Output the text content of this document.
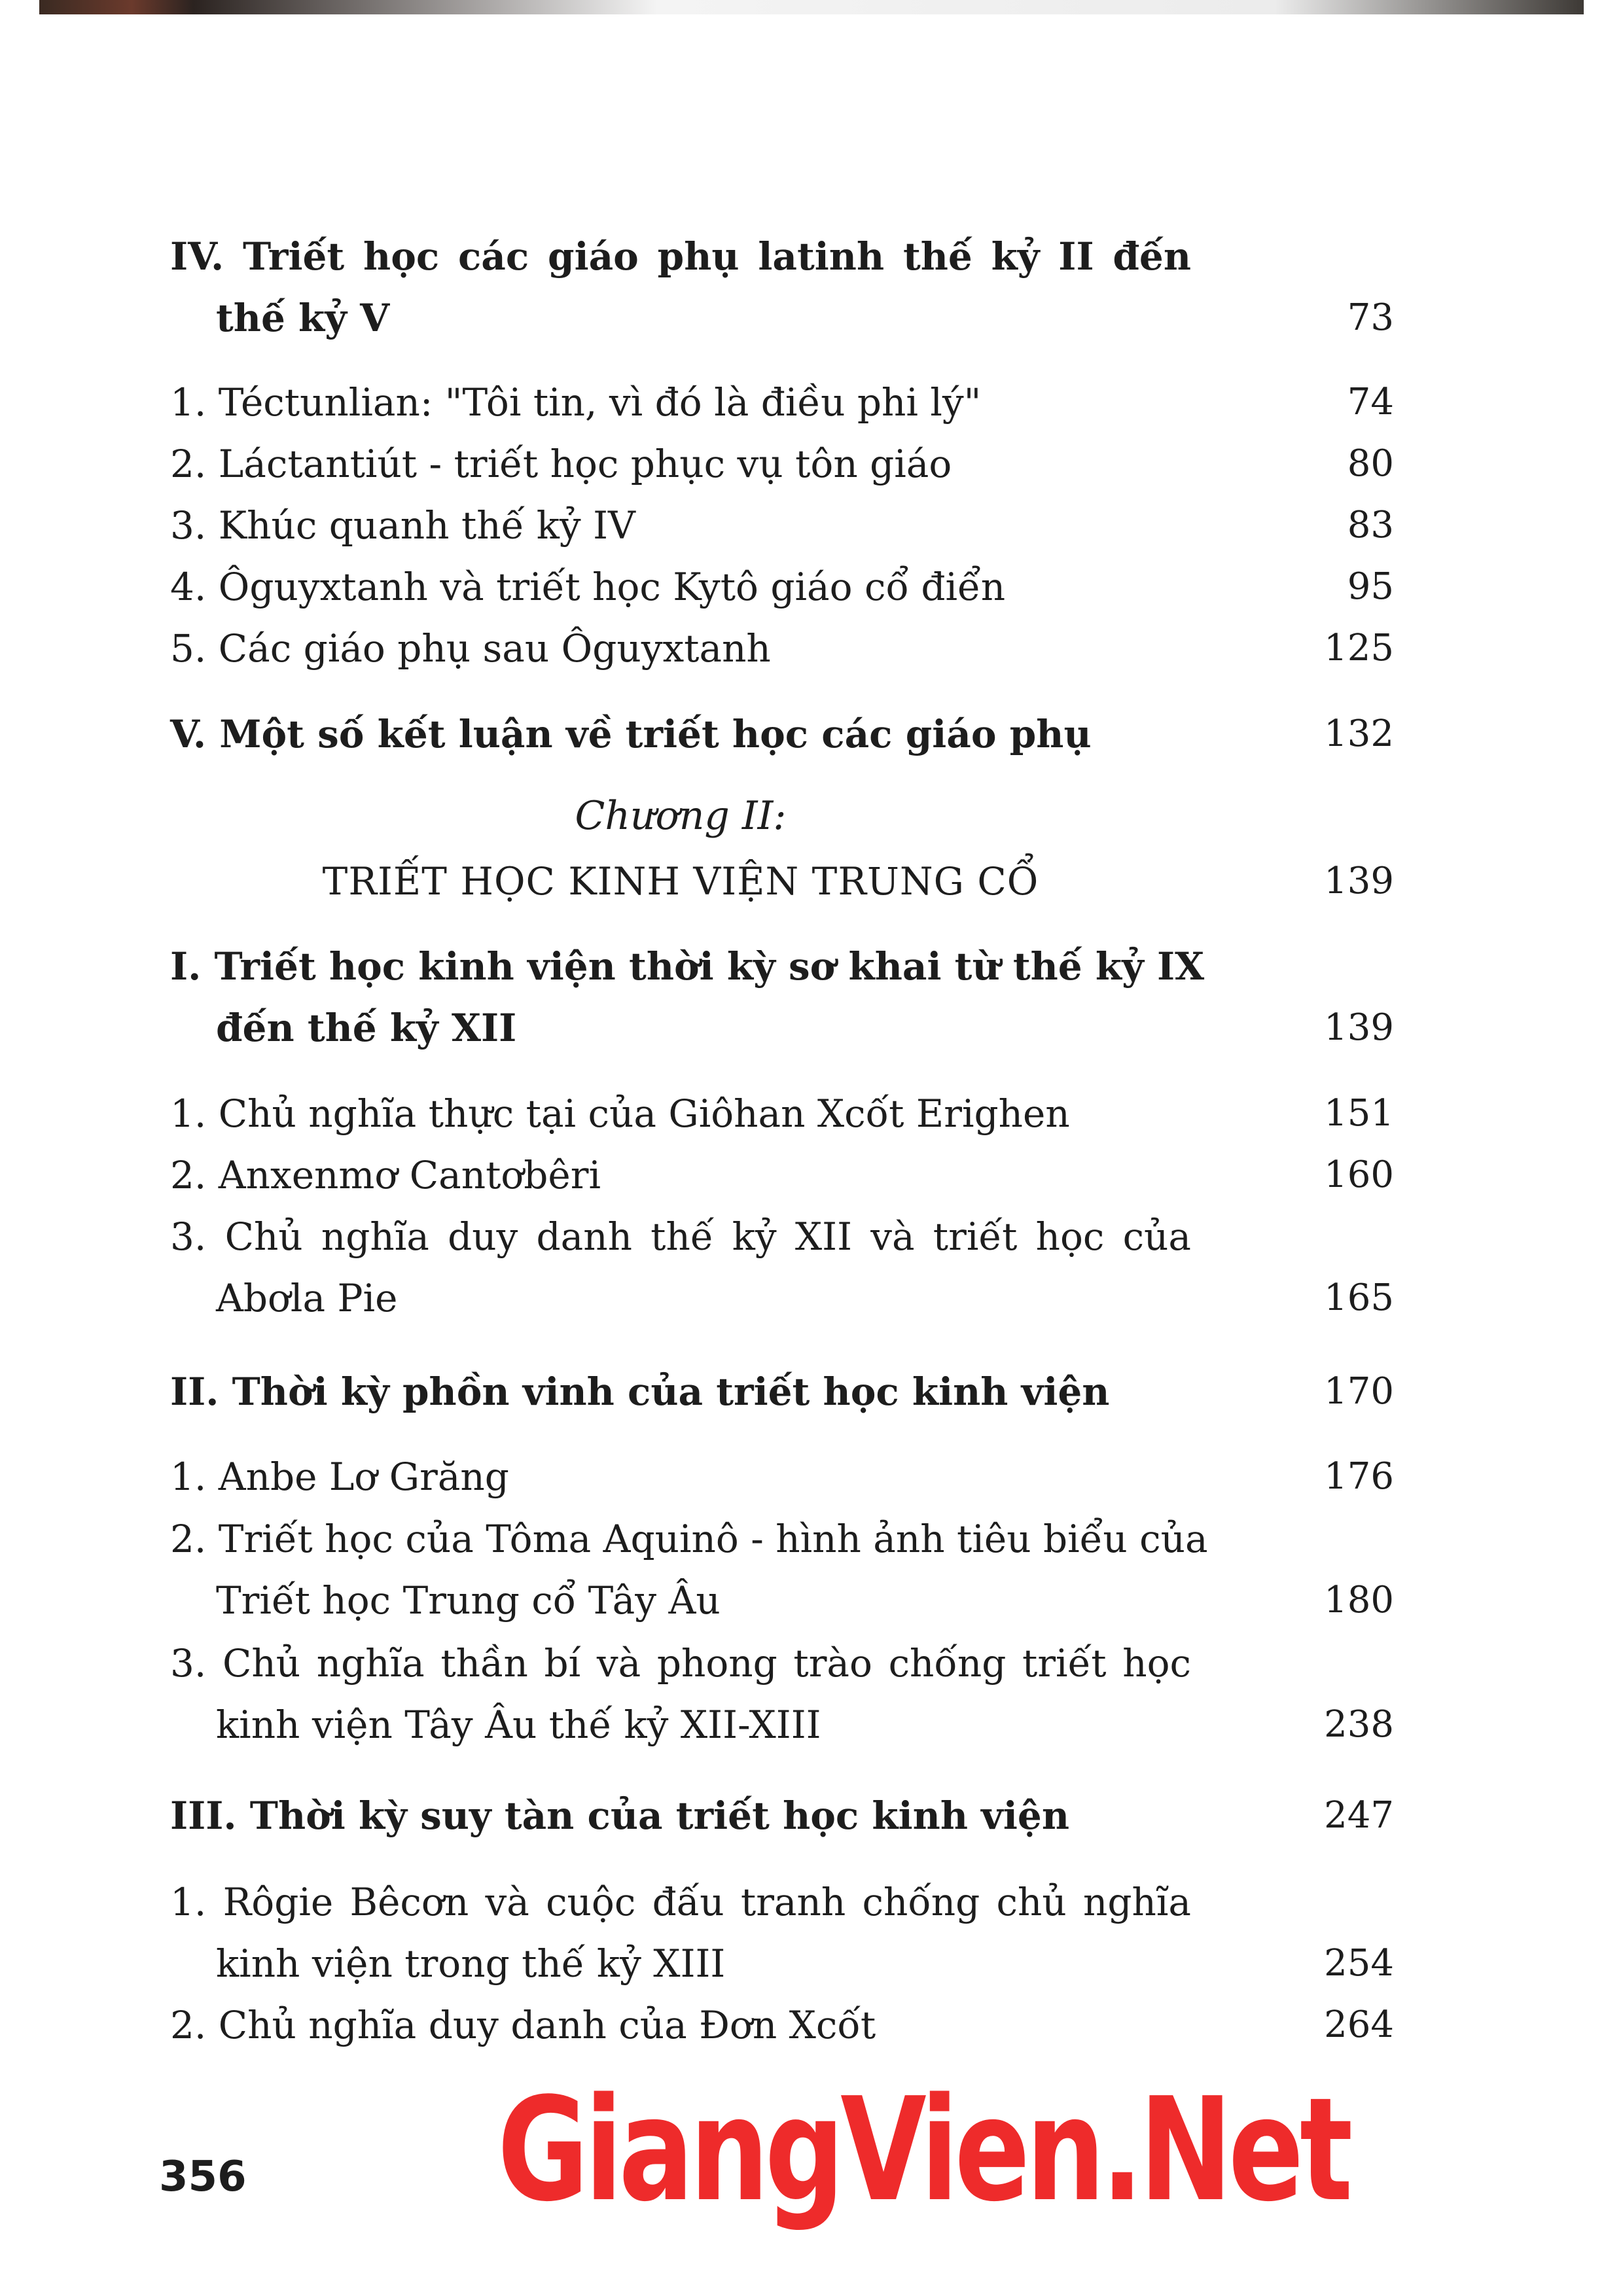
IV. Triết học các giáo phụ latinh thế kỷ II đến
thế kỷ V	73
1. Téctunlian: "Tôi tin, vì đó là điều phi lý"	74
2. Láctantiút - triết học phục vụ tôn giáo	80
3. Khúc quanh thế kỷ IV	83
4. Ôguyxtanh và triết học Kytô giáo cổ điển	95
5. Các giáo phụ sau Ôguyxtanh	125
V. Một số kết luận về triết học các giáo phụ	132
Chương II:
TRIẾT HỌC KINH VIỆN TRUNG CỔ	139
I. Triết học kinh viện thời kỳ sơ khai từ thế kỷ IX
đến thế kỷ XII	139
1. Chủ nghĩa thực tại của Giôhan Xcốt Erighen	151
2. Anxenmơ Cantơbêri	160
3. Chủ nghĩa duy danh thế kỷ XII và triết học của
Abơla Pie	165
II. Thời kỳ phồn vinh của triết học kinh viện	170
1. Anbe Lơ Grăng	176
2. Triết học của Tôma Aquinô - hình ảnh tiêu biểu của
Triết học Trung cổ Tây Âu	180
3. Chủ nghĩa thần bí và phong trào chống triết học
kinh viện Tây Âu thế kỷ XII-XIII	238
III. Thời kỳ suy tàn của triết học kinh viện	247
1. Rôgie Bêcơn và cuộc đấu tranh chống chủ nghĩa
kinh viện trong thế kỷ XIII	254
2. Chủ nghĩa duy danh của Đơn Xcốt	264
356 GiangVien.Net
